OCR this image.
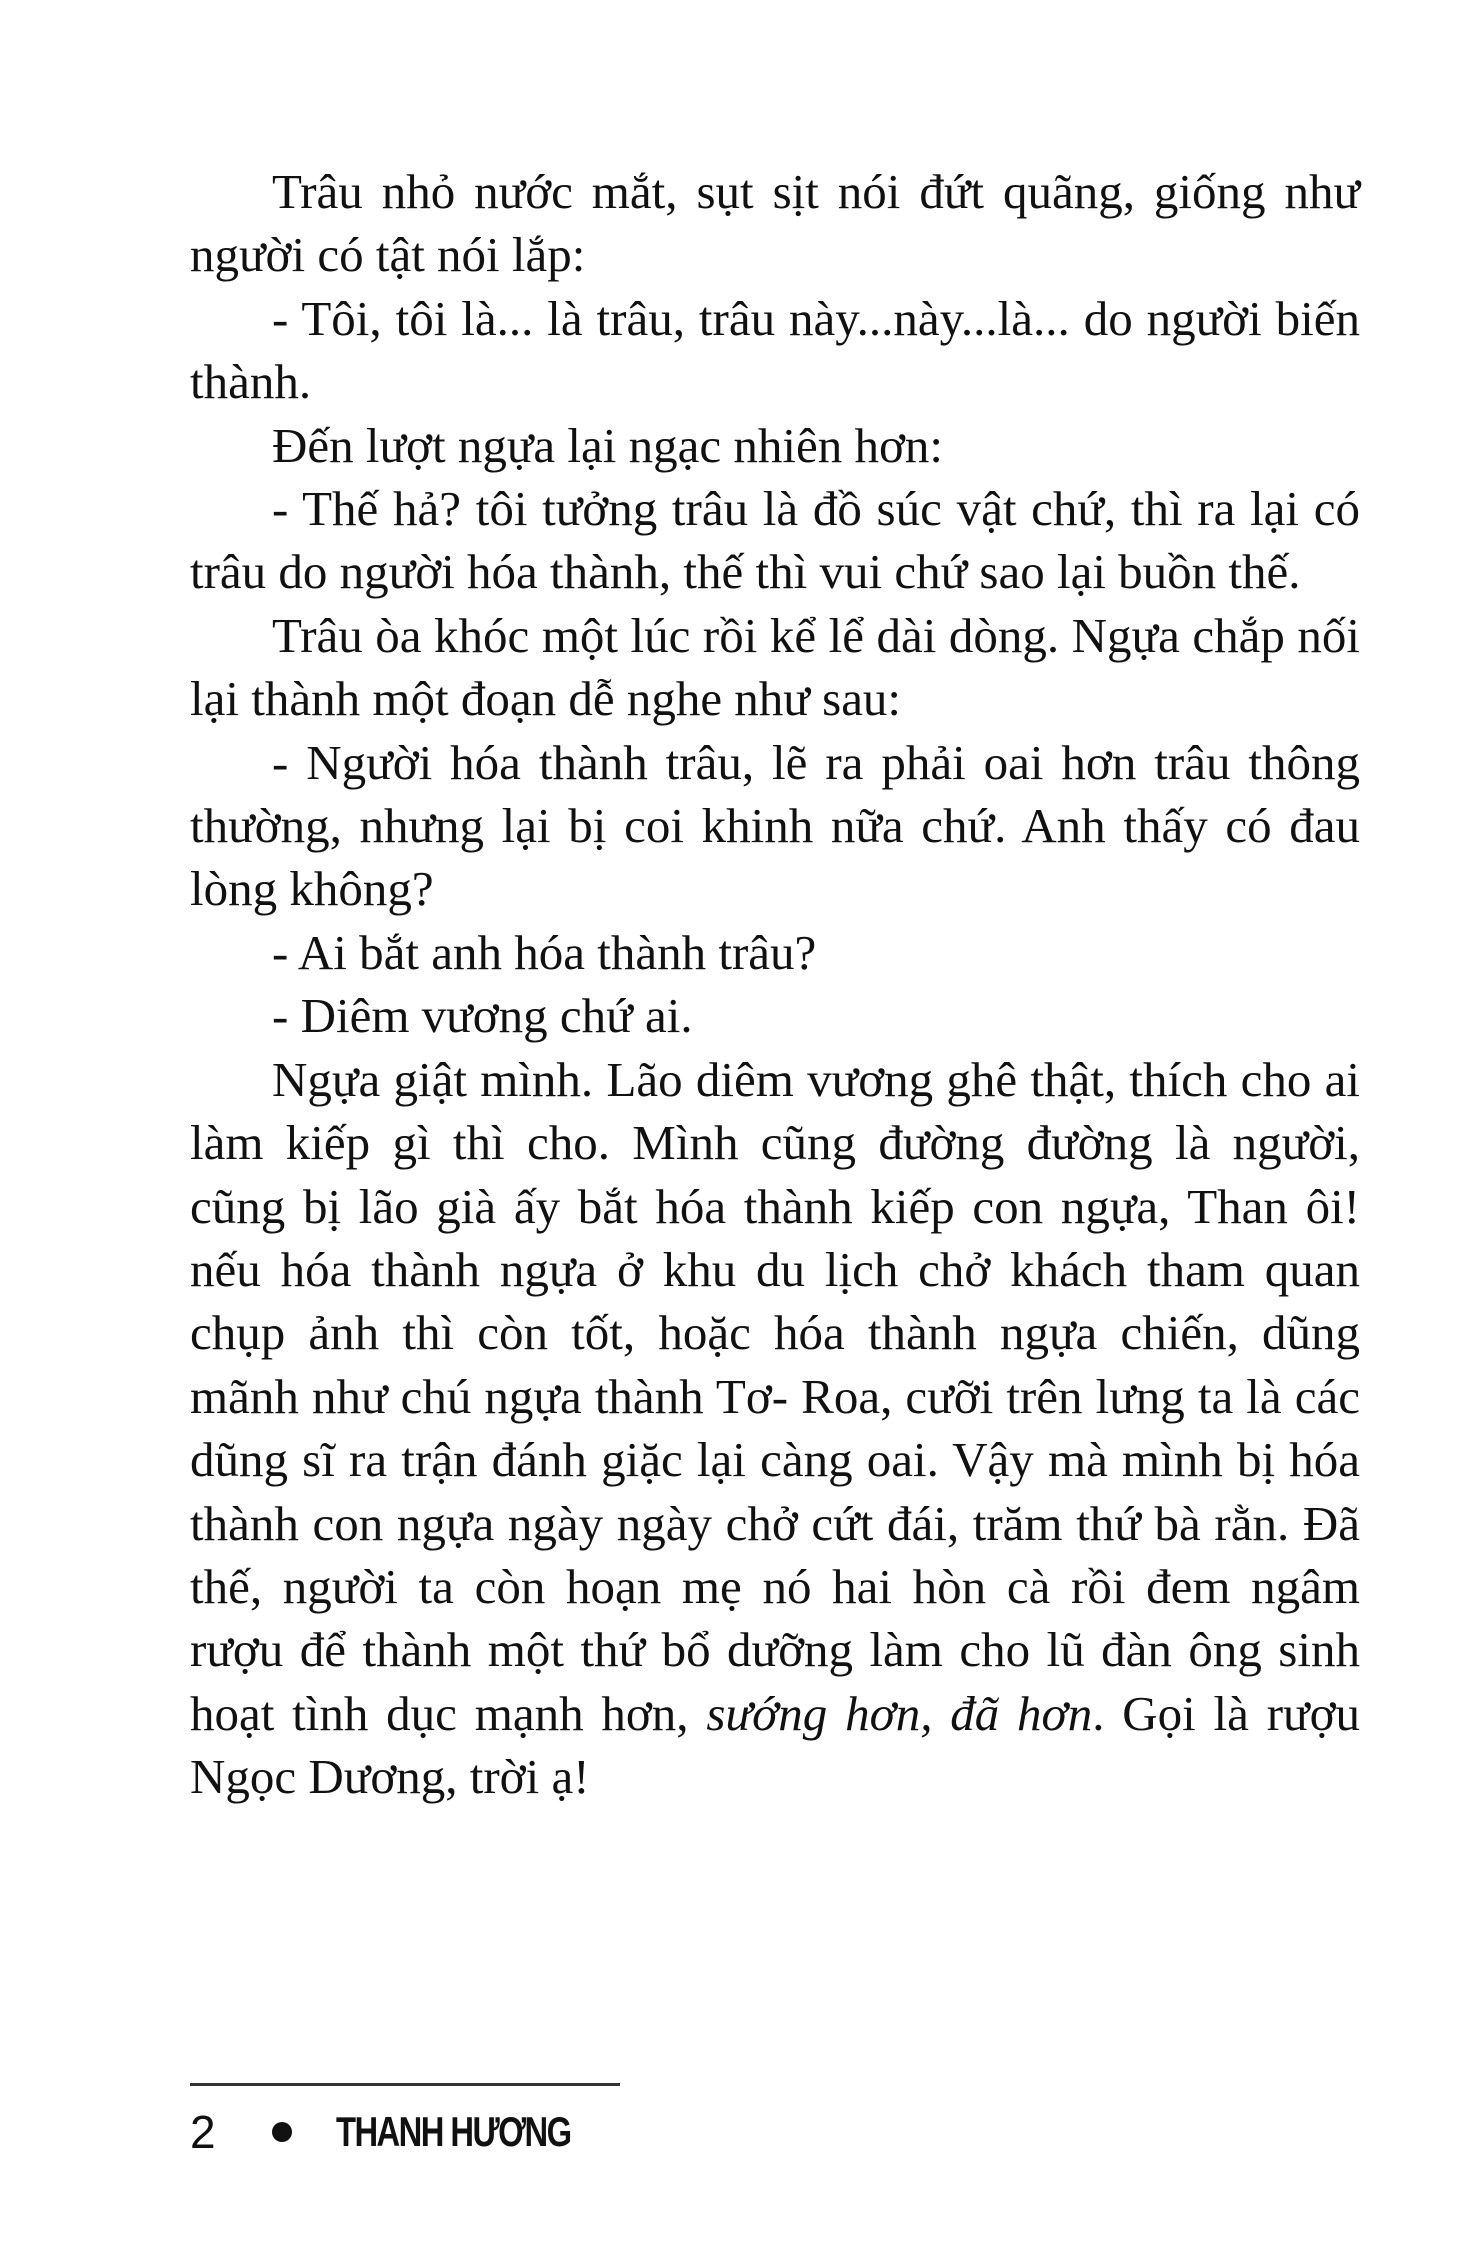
Trâu nhỏ nước mắt, sụt sịt nói đứt quãng, giống như người có tật nói lắp:

- Tôi, tôi là... là trâu, trâu này...này...là... do người biến thành.

Đến lượt ngựa lại ngạc nhiên hơn:

- Thế hả? tôi tưởng trâu là đồ súc vật chứ, thì ra lại có trâu do người hóa thành, thế thì vui chứ sao lại buồn thế.

Trâu òa khóc một lúc rồi kể lể dài dòng. Ngựa chắp nối lại thành một đoạn dễ nghe như sau:

- Người hóa thành trâu, lẽ ra phải oai hơn trâu thông thường, nhưng lại bị coi khinh nữa chứ. Anh thấy có đau lòng không?

- Ai bắt anh hóa thành trâu?

- Diêm vương chứ ai.

Ngựa giật mình. Lão diêm vương ghê thật, thích cho ai làm kiếp gì thì cho. Mình cũng đường đường là người, cũng bị lão già ấy bắt hóa thành kiếp con ngựa, Than ôi! nếu hóa thành ngựa ở khu du lịch chở khách tham quan chụp ảnh thì còn tốt, hoặc hóa thành ngựa chiến, dũng mãnh như chú ngựa thành Tơ- Roa, cưỡi trên lưng ta là các dũng sĩ ra trận đánh giặc lại càng oai. Vậy mà mình bị hóa thành con ngựa ngày ngày chở cứt đái, trăm thứ bà rằn. Đã thế, người ta còn hoạn mẹ nó hai hòn cà rồi đem ngâm rượu để thành một thứ bổ dưỡng làm cho lũ đàn ông sinh hoạt tình dục mạnh hơn, sướng hơn, đã hơn. Gọi là rượu Ngọc Dương, trời ạ!

2	THANH HƯƠNG
